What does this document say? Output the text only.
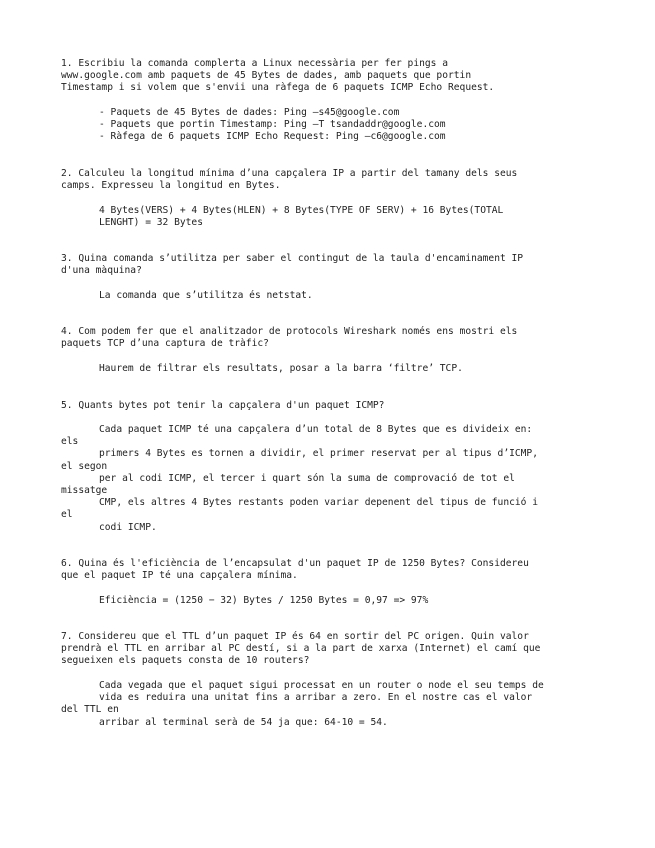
1. Escribiu la comanda complerta a Linux necessària per fer pings a
www.google.com amb paquets de 45 Bytes de dades, amb paquets que portin
Timestamp i si volem que s'envii una ràfega de 6 paquets ICMP Echo Request.
- Paquets de 45 Bytes de dades: Ping –s45@google.com
- Paquets que portin Timestamp: Ping –T tsandaddr@google.com
- Ràfega de 6 paquets ICMP Echo Request: Ping –c6@google.com
2. Calculeu la longitud mínima d’una capçalera IP a partir del tamany dels seus
camps. Expresseu la longitud en Bytes.
4 Bytes(VERS) + 4 Bytes(HLEN) + 8 Bytes(TYPE OF SERV) + 16 Bytes(TOTAL
LENGHT) = 32 Bytes
3. Quina comanda s’utilitza per saber el contingut de la taula d'encaminament IP
d'una màquina?
La comanda que s’utilitza és netstat.
4. Com podem fer que el analitzador de protocols Wireshark només ens mostri els
paquets TCP d’una captura de tràfic?
Haurem de filtrar els resultats, posar a la barra ‘filtre’ TCP.
5. Quants bytes pot tenir la capçalera d'un paquet ICMP?
Cada paquet ICMP té una capçalera d’un total de 8 Bytes que es divideix en:
els
primers 4 Bytes es tornen a dividir, el primer reservat per al tipus d’ICMP,
el segon
per al codi ICMP, el tercer i quart són la suma de comprovació de tot el
missatge
CMP, els altres 4 Bytes restants poden variar depenent del tipus de funció i
el
codi ICMP.
6. Quina és l'eficiència de l’encapsulat d'un paquet IP de 1250 Bytes? Considereu
que el paquet IP té una capçalera mínima.
Eficiència = (1250 − 32) Bytes / 1250 Bytes = 0,97 => 97%
7. Considereu que el TTL d’un paquet IP és 64 en sortir del PC origen. Quin valor
prendrà el TTL en arribar al PC destí, si a la part de xarxa (Internet) el camí que
segueixen els paquets consta de 10 routers?
Cada vegada que el paquet sigui processat en un router o node el seu temps de
vida es reduira una unitat fins a arribar a zero. En el nostre cas el valor
del TTL en
arribar al terminal serà de 54 ja que: 64-10 = 54.
